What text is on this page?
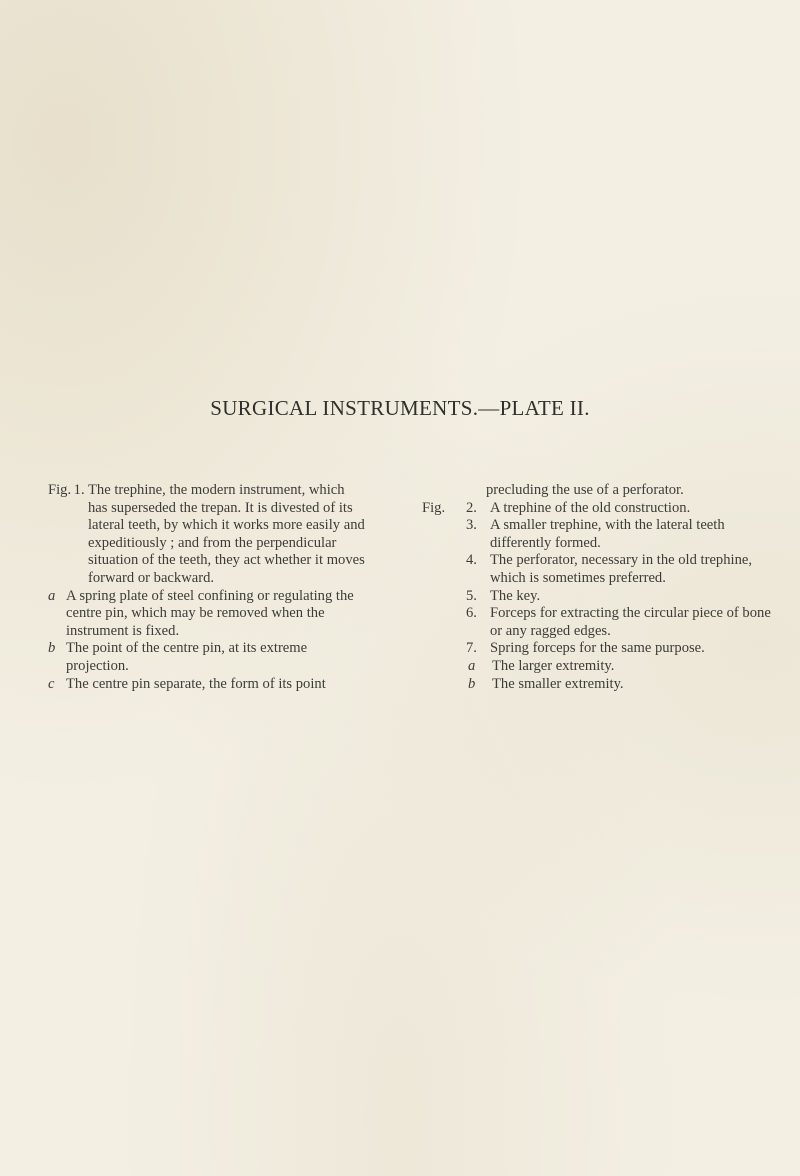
SURGICAL INSTRUMENTS.—PLATE II.
Fig. 1. The trephine, the modern instrument, which has superseded the trepan. It is divested of its lateral teeth, by which it works more easily and expeditiously ; and from the perpendicular situation of the teeth, they act whether it moves forward or backward.
a A spring plate of steel confining or regulating the centre pin, which may be removed when the instrument is fixed.
b The point of the centre pin, at its extreme projection.
c The centre pin separate, the form of its point
precluding the use of a perforator.
Fig.	2. A trephine of the old construction.
3. A smaller trephine, with the lateral teeth differently formed.
4. The perforator, necessary in the old trephine, which is sometimes preferred.
5. The key.
6. Forceps for extracting the circular piece of bone or any ragged edges.
7. Spring forceps for the same purpose.
a	The larger extremity.
b	The smaller extremity.
